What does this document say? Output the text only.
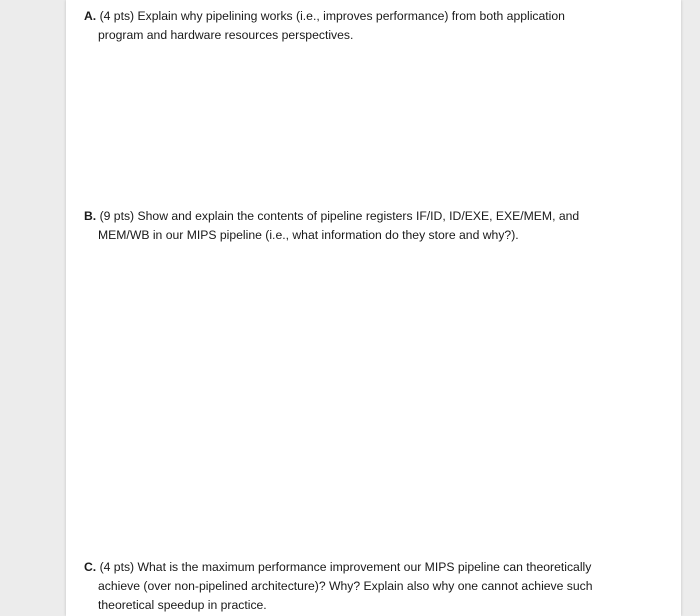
A. (4 pts) Explain why pipelining works (i.e., improves performance) from both application
program and hardware resources perspectives.
B. (9 pts) Show and explain the contents of pipeline registers IF/ID, ID/EXE, EXE/MEM, and
MEM/WB in our MIPS pipeline (i.e., what information do they store and why?).
C. (4 pts) What is the maximum performance improvement our MIPS pipeline can theoretically
achieve (over non-pipelined architecture)? Why? Explain also why one cannot achieve such
theoretical speedup in practice.
